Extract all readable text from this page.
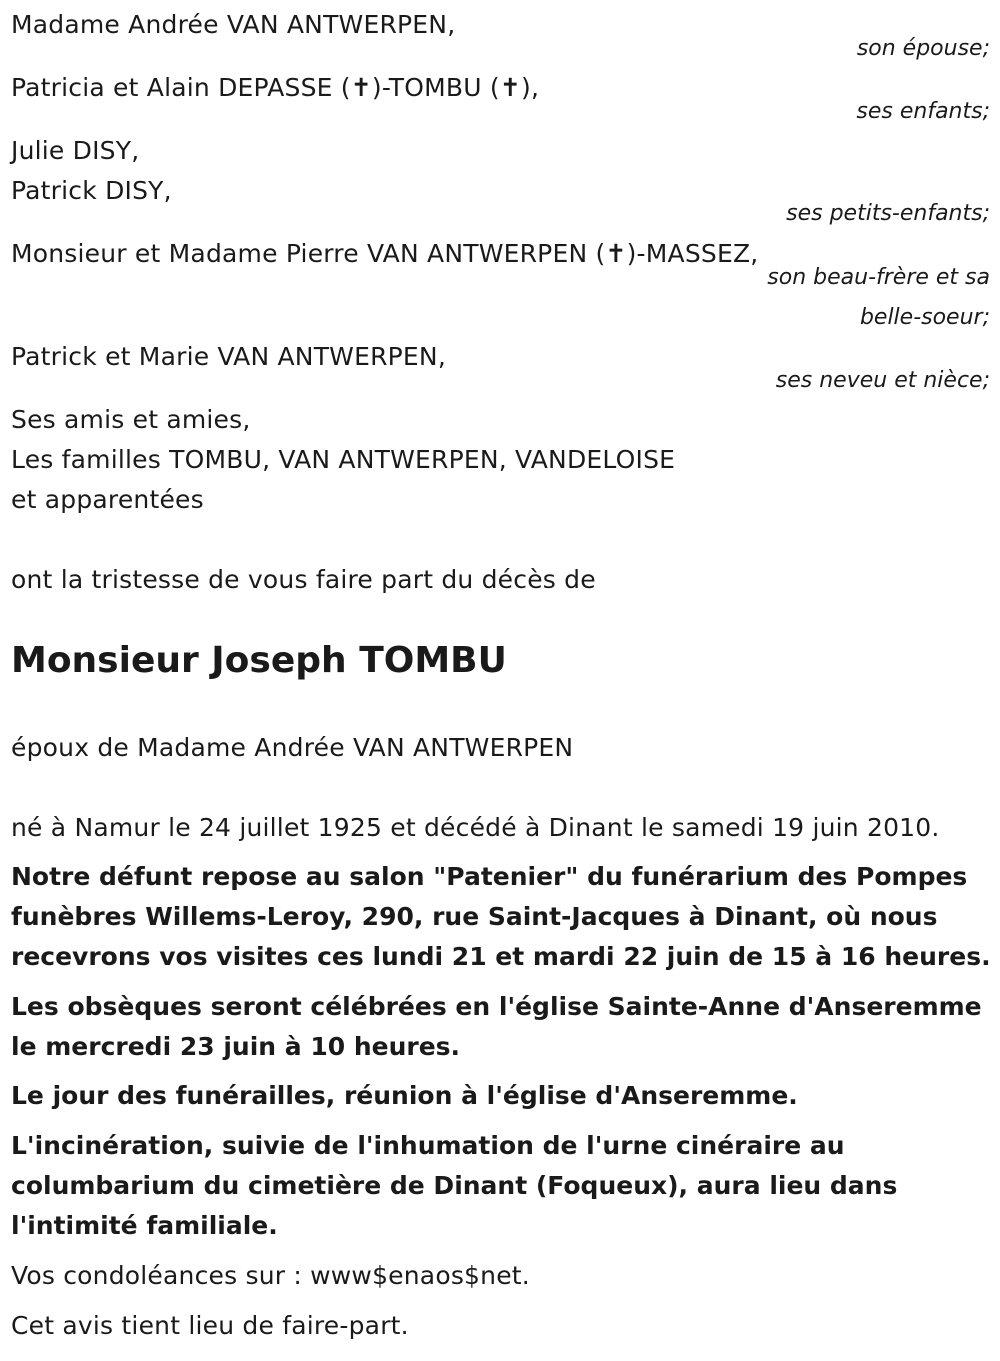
Madame Andrée VAN ANTWERPEN,
son épouse;
Patricia et Alain DEPASSE (✝)-TOMBU (✝),
ses enfants;
Julie DISY,
Patrick DISY,
ses petits-enfants;
Monsieur et Madame Pierre VAN ANTWERPEN (✝)-MASSEZ,
son beau-frère et sa
belle-soeur;
Patrick et Marie VAN ANTWERPEN,
ses neveu et nièce;
Ses amis et amies,
Les familles TOMBU, VAN ANTWERPEN, VANDELOISE
et apparentées
ont la tristesse de vous faire part du décès de
Monsieur Joseph TOMBU
époux de Madame Andrée VAN ANTWERPEN
né à Namur le 24 juillet 1925 et décédé à Dinant le samedi 19 juin 2010.
Notre défunt repose au salon "Patenier" du funérarium des Pompes
funèbres Willems-Leroy, 290, rue Saint-Jacques à Dinant, où nous
recevrons vos visites ces lundi 21 et mardi 22 juin de 15 à 16 heures.
Les obsèques seront célébrées en l'église Sainte-Anne d'Anseremme
le mercredi 23 juin à 10 heures.
Le jour des funérailles, réunion à l'église d'Anseremme.
L'incinération, suivie de l'inhumation de l'urne cinéraire au
columbarium du cimetière de Dinant (Foqueux), aura lieu dans
l'intimité familiale.
Vos condoléances sur : www$enaos$net.
Cet avis tient lieu de faire-part.
